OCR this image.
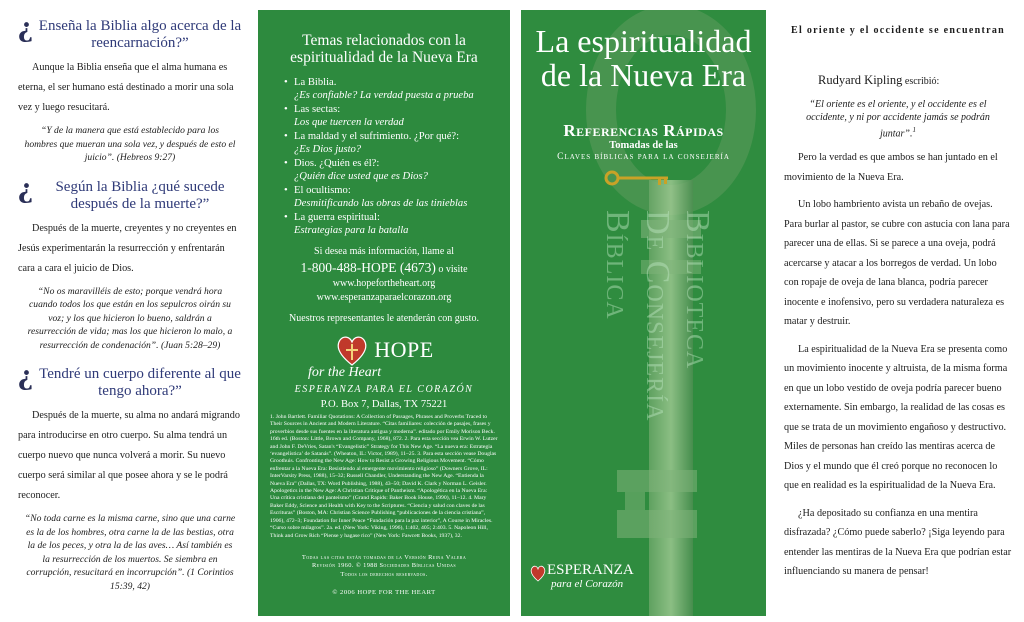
¿ Enseña la Biblia algo acerca de la reencarnación?”

Aunque la Biblia enseña que el alma humana es eterna, el ser humano está destinado a morir una sola vez y luego resucitará.

“Y de la manera que está establecido para los hombres que mueran una sola vez, y después de esto el juicio”. (Hebreos 9:27)

¿	Según la Biblia ¿qué sucede después de la muerte?”

Después de la muerte, creyentes y no creyentes en Jesús experimentarán la resurrección y enfrentarán cara a cara el juicio de Dios.

“No os maravilléis de esto; porque vendrá hora cuando todos los que están en los sepulcros oirán su voz; y los que hicieron lo bueno, saldrán a resurrección de vida; mas los que hicieron lo malo, a resurrección de condenación”. (Juan 5:28–29)

¿ Tendré un cuerpo diferente al que tengo ahora?”

Después de la muerte, su alma no andará migrando para introducirse en otro cuerpo. Su alma tendrá un cuerpo nuevo que nunca volverá a morir. Su nuevo cuerpo será similar al que posee ahora y se le podrá reconocer.

“No toda carne es la misma carne, sino que una carne es la de los hombres, otra carne la de las bestias, otra la de los peces, y otra la de las aves… Así también es la resurrección de los muertos. Se siembra en corrupción, resucitará en incorrupción”. (1 Corintios 15:39, 42)

Temas relacionados con la espiritualidad de la Nueva Era
• La Biblia.
¿Es confiable? La verdad puesta a prueba
• Las sectas:
Los que tuercen la verdad
• La maldad y el sufrimiento. ¿Por qué?:
¿Es Dios justo?
• Dios. ¿Quién es él?:
¿Quién dice usted que es Dios?
• El ocultismo:
Desmitificando las obras de las tinieblas
• La guerra espiritual:
Estrategias para la batalla
Si desea más información, llame al
1-800-488-HOPE (4673) o visite
www.hopefortheheart.org
www.esperanzaparaelcorazon.org
Nuestros representantes le atenderán con gusto.
HOPE
for the Heart
ESPERANZA PARA EL CORAZÓN
P.O. Box 7, Dallas, TX 75221
1. John Bartlett. Familiar Quotations: A Collection of Passages, Phrases and Proverbs Traced to Their Sources in Ancient and Modern Literature. “Citas familiares: colección de pasajes, frases y proverbios desde sus fuentes en la literatura antigua y moderna”. editado por Emily Morison Beck. 16th ed. (Boston: Little, Brown and Company, 1968), 872. 2. Para esta sección vea Erwin W. Lutzer and John F. DeVries, Satan's “Evangelistic” Strategy for This New Age. “La nueva era: Estrategia ‘evangelística’ de Satanás”. (Wheaton, IL: Victor, 1989), 11–25. 3. Para esta sección vease Douglas Groothuis. Confronting the New Age: How to Resist a Growing Religious Movement. “Cómo enfrentar a la Nueva Era: Resistiendo al emergente movimiento religioso” (Downers Grove, IL: InterVarsity Press, 1988), 15–32; Russell Chandler, Understanding the New Age. “Entienda la Nueva Era” (Dallas, TX: Word Publishing, 1988), 43–50; David K. Clark y Norman L. Geisler. Apologetics in the New Age: A Christian Critique of Pantheism. “Apologética en la Nueva Era: Una crítica cristiana del panteísmo” (Grand Rapids: Baker Book House, 1990), 11–12. 4. Mary Baker Eddy, Science and Health with Key to the Scriptures. “Ciencia y salud con claves de las Escrituras” (Boston, MA: Christian Science Publishing “publicaciones de la ciencia cristiana”, 1906), 472–3; Foundation for Inner Peace “Fundación para la paz interior”, A Course in Miracles. “Curso sobre milagros”. 2a. ed. (New York: Viking, 1996), 1:402, 405; 2:403. 5. Napoleon Hill, Think and Grow Rich “Piense y hagase rico” (New York: Fawcett Books, 1937), 32.
Todas las citas están tomadas de la Versión Reina Valera
Revisión 1960. © 1988 Sociedades Bíblicas Unidas
Todos los derechos reservados.
© 2006 HOPE FOR THE HEART
La espiritualidad
de la Nueva Era
Referencias Rápidas
Tomadas de las
Claves bíblicas para la consejería
Biblioteca
De Consejería
Bíblica
ESPERANZA
para el Corazón
El oriente y el occidente se encuentran
Rudyard Kipling escribió:
“El oriente es el oriente, y el occidente es el occidente, y ni por accidente jamás se podrán juntar”.$^1$

Pero la verdad es que ambos se han juntado en el movimiento de la Nueva Era.

Un lobo hambriento avista un rebaño de ovejas. Para burlar al pastor, se cubre con astucia con lana para parecer una de ellas. Si se parece a una oveja, podrá acercarse y atacar a los borregos de verdad. Un lobo con ropaje de oveja de lana blanca, podría parecer inocente e inofensivo, pero su verdadera naturaleza es matar y destruir.

La espiritualidad de la Nueva Era se presenta como un movimiento inocente y altruista, de la misma forma en que un lobo vestido de oveja podría parecer bueno externamente. Sin embargo, la realidad de las cosas es que se trata de un movimiento engañoso y destructivo. Miles de personas han creído las mentiras acerca de Dios y el mundo que él creó porque no reconocen lo que en realidad es la espiritualidad de la Nueva Era.

¿Ha depositado su confianza en una mentira disfrazada? ¿Cómo puede saberlo? ¡Siga leyendo para entender las mentiras de la Nueva Era que podrían estar influenciando su manera de pensar!
